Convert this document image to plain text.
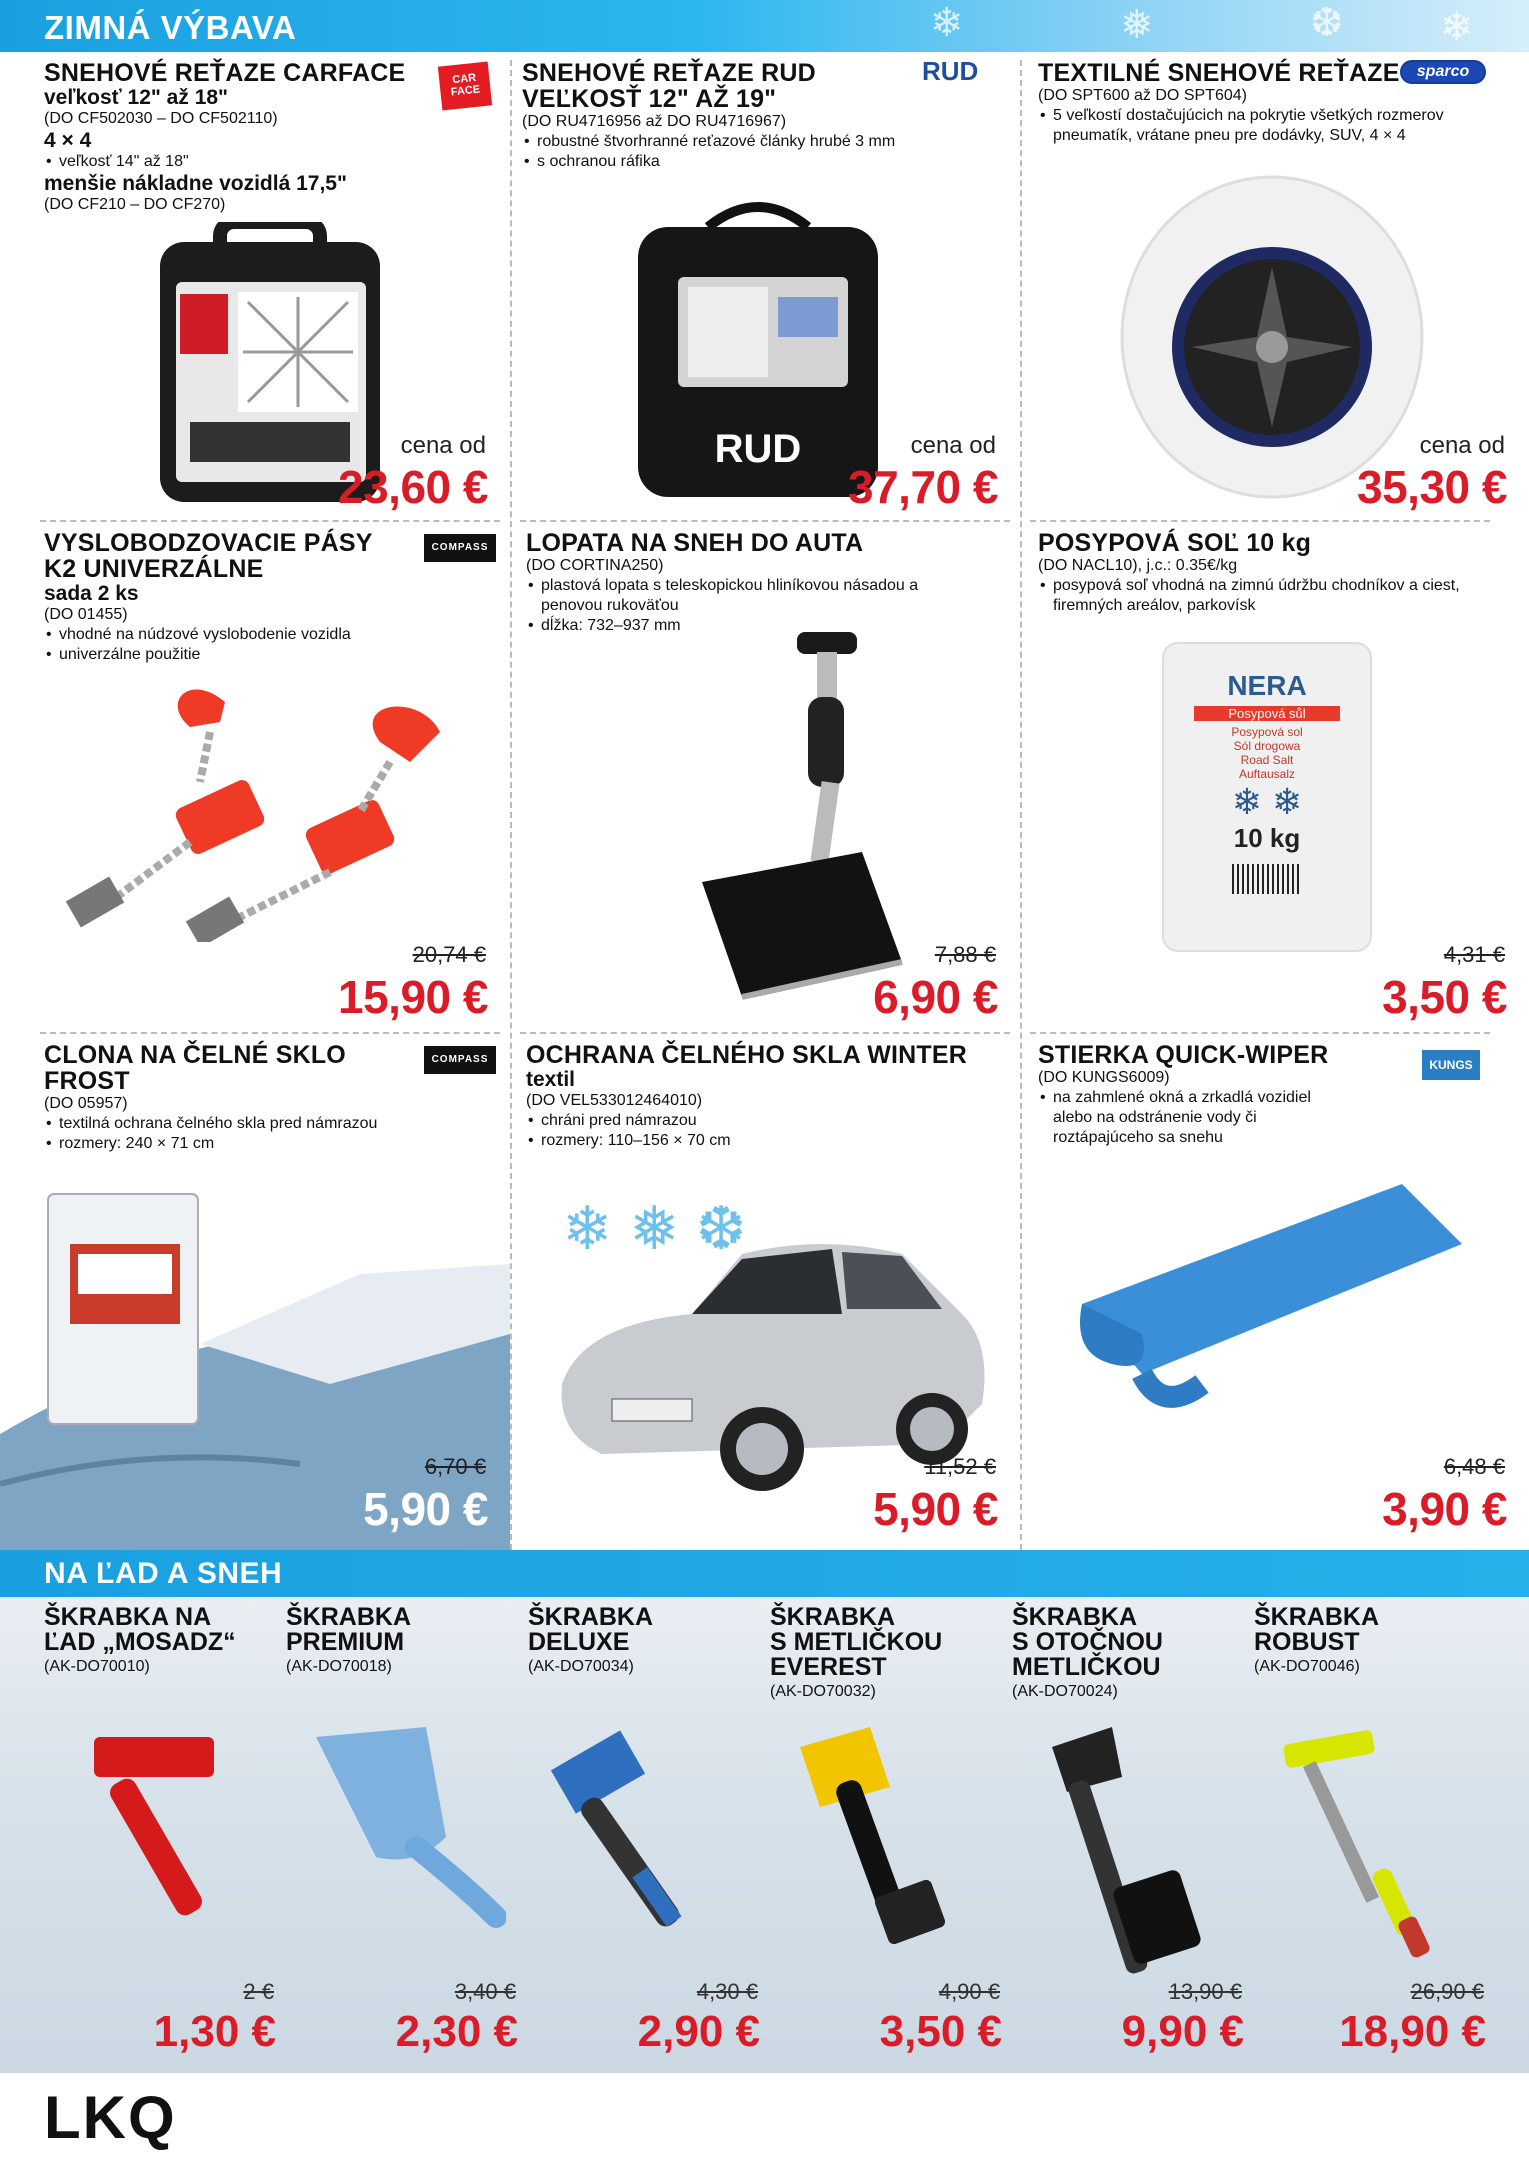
ZIMNÁ VÝBAVA	❄	❅	❆ ❄
SNEHOVÉ REŤAZE CARFACE
veľkosť 12" až 18"
(DO CF502030 – DO CF502110)
4 × 4
• veľkosť 14" až 18"
menšie nákladne vozidlá 17,5"
(DO CF210 – DO CF270)
CAR FACE
cena od
23,60 €
SNEHOVÉ REŤAZE RUD
VEĽKOSŤ 12" AŽ 19"
(DO RU4716956 až DO RU4716967)
• robustné štvorhranné reťazové články hrubé 3 mm
• s ochranou ráfika
RUD
RUD	cena od
37,70 €
TEXTILNÉ SNEHOVÉ REŤAZE
(DO SPT600 až DO SPT604)
• 5 veľkostí dostačujúcich na pokrytie všetkých rozmerov pneumatík, vrátane pneu pre dodávky, SUV, 4 × 4
sparco
cena od
35,30 €
VYSLOBODZOVACIE PÁSY
K2 UNIVERZÁLNE
sada 2 ks
(DO 01455)
• vhodné na núdzové vyslobodenie vozidla
• univerzálne použitie
COMPASS
20,74 €
15,90 €
LOPATA NA SNEH DO AUTA
(DO CORTINA250)
• plastová lopata s teleskopickou hliníkovou násadou a penovou rukoväťou
• dĺžka: 732–937 mm
7,88 €
6,90 €
POSYPOVÁ SOĽ 10 kg
(DO NACL10), j.c.: 0.35€/kg
• posypová soľ vhodná na zimnú údržbu chodníkov a ciest, firemných areálov, parkovísk
NERA
Posypová sůl
Posypová sol
Sól drogowa
Road Salt
Auftausalz
❄ ❄
10 kg
4,31 €
3,50 €
CLONA NA ČELNÉ SKLO
FROST
(DO 05957)
• textilná ochrana čelného skla pred námrazou
• rozmery: 240 × 71 cm
COMPASS
6,70 €
5,90 €
OCHRANA ČELNÉHO SKLA WINTER
textil
(DO VEL533012464010)
• chráni pred námrazou
• rozmery: 110–156 × 70 cm
❄ ❅ ❆
11,52 €
5,90 €
STIERKA QUICK-WIPER
(DO KUNGS6009)
• na zahmlené okná a zrkadlá vozidiel alebo na odstránenie vody či roztápajúceho sa snehu
KUNGS
6,48 €
3,90 €
NA ĽAD A SNEH
ŠKRABKA NA
ĽAD „MOSADZ“
(AK-DO70010)
2 €
1,30 €
ŠKRABKA
PREMIUM
(AK-DO70018)
3,40 €
2,30 €
ŠKRABKA
DELUXE
(AK-DO70034)
4,30 €
2,90 €
ŠKRABKA
S METLIČKOU
EVEREST
(AK-DO70032)
4,90 €
3,50 €
ŠKRABKA
S OTOČNOU
METLIČKOU
(AK-DO70024)
13,90 €
9,90 €
ŠKRABKA
ROBUST
(AK-DO70046)
26,90 €
18,90 €
LKQ
